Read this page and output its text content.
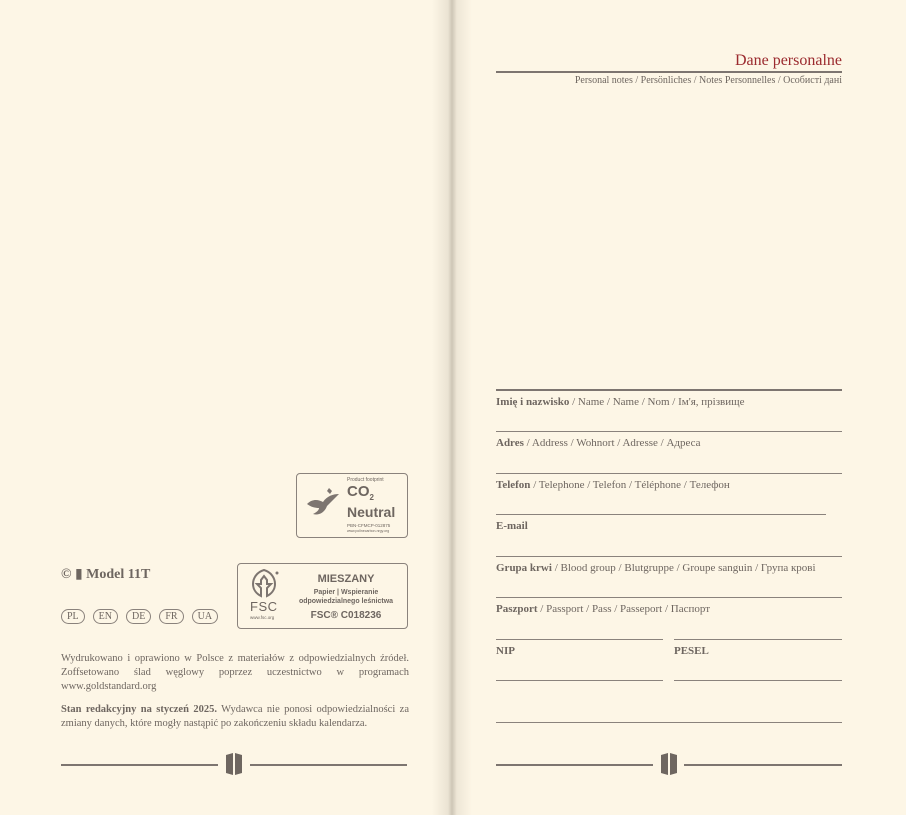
Dane personalne
Personal notes / Persönliches / Notes Personnelles / Особисті дані
Imię i nazwisko / Name / Name / Nom / Ім'я, прізвище
Adres / Address / Wohnort / Adresse / Адреса
Telefon / Telephone / Telefon / Téléphone / Телефон
E-mail
Grupa krwi / Blood group / Blutgruppe / Groupe sanguin / Група крові
Paszport / Passport / Pass / Passeport / Паспорт
NIP	PESEL
Product footprint
$CO_2$
Neutral
PBN-CFMCP-012875
www.pollnecarbon-nrgy.org
© ▮ Model 11T
FSC
www.fsc.org
MIESZANY
Papier | Wspieranie
odpowiedzialnego leśnictwa
FSC® C018236
PL	EN	DE	FR	UA
Wydrukowano i oprawiono w Polsce z materiałów z odpowiedzialnych źródeł. Zoffsetowano ślad węglowy poprzez uczestnictwo w programach www.goldstandard.org
Stan redakcyjny na styczeń 2025. Wydawca nie ponosi odpowiedzialności za zmiany danych, które mogły nastąpić po zakończeniu składu kalendarza.
